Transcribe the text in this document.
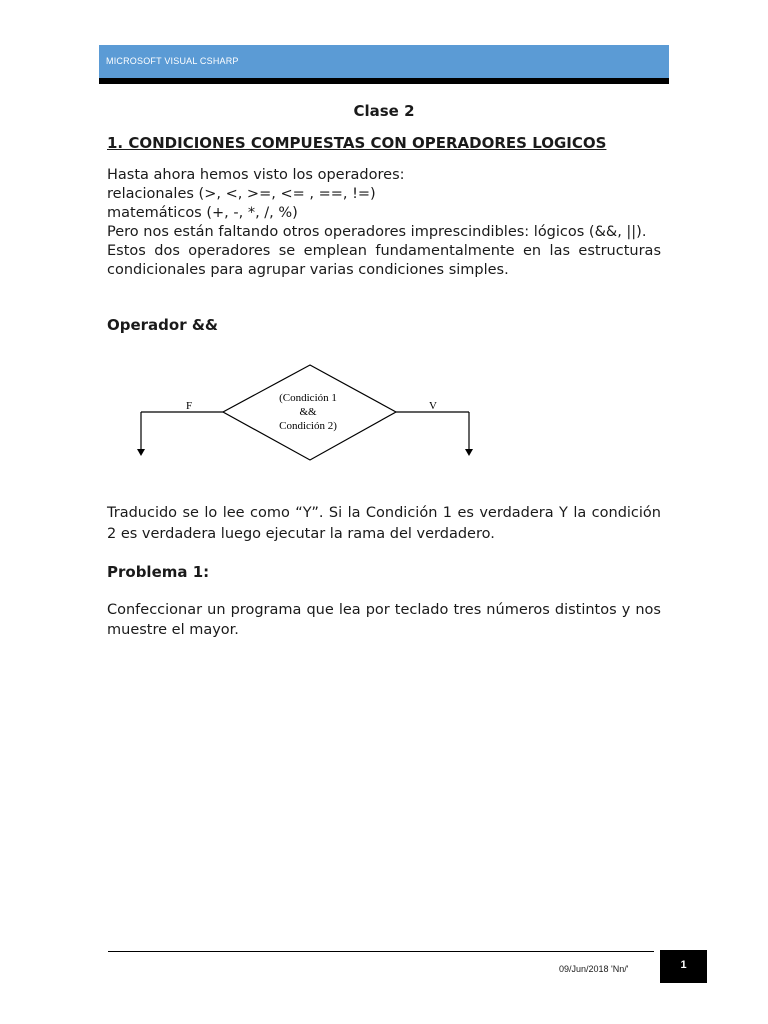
MICROSOFT VISUAL CSHARP
Clase 2
1. CONDICIONES COMPUESTAS CON OPERADORES LOGICOS

Hasta ahora hemos visto los operadores:

relacionales (>, <, >=, <= , ==, !=)

matemáticos (+, -, *, /, %)

Pero nos están faltando otros operadores imprescindibles: lógicos (&&, ||).

Estos dos operadores se emplean fundamentalmente en las estructuras condicionales para agrupar varias condiciones simples.

Operador &&
(Condición 1
&&
Condición 2)
F	V
Traducido se lo lee como “Y”. Si la Condición 1 es verdadera Y la condición 2 es verdadera luego ejecutar la rama del verdadero.
Problema 1:
Confeccionar un programa que lea por teclado tres números distintos y nos muestre el mayor.
09/Jun/2018 'Nn/'	1
